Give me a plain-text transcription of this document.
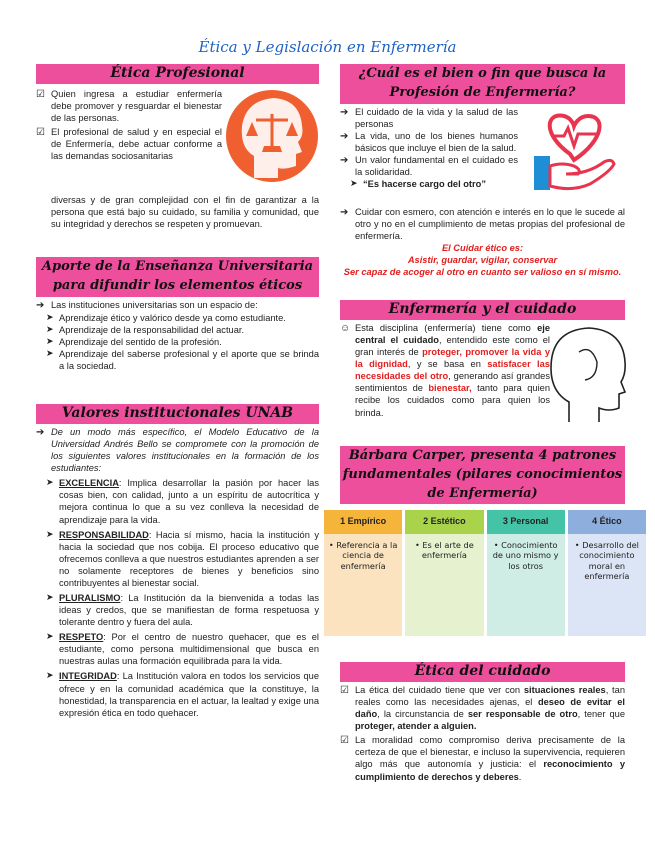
Ética y Legislación en Enfermería
Ética Profesional
☑ Quien ingresa a estudiar enfermería debe promover y resguardar el bienestar de las personas.
☑ El profesional de salud y en especial el de Enfermería, debe actuar conforme a las demandas sociosanitarias
diversas y de gran complejidad con el fin de garantizar a la persona que está bajo su cuidado, su familia y comunidad, que su integridad y derechos se respeten y promuevan.
Aporte de la Enseñanza Universitaria
para difundir los elementos éticos
➔ Las instituciones universitarias son un espacio de:
➤ Aprendizaje ético y valórico desde ya como estudiante.
➤ Aprendizaje de la responsabilidad del actuar.
➤ Aprendizaje del sentido de la profesión.
➤ Aprendizaje del saberse profesional y el aporte que se brinda a la sociedad.
Valores institucionales UNAB
➔ De un modo más específico, el Modelo Educativo de la Universidad Andrés Bello se compromete con la promoción de los siguientes valores institucionales en la formación de los estudiantes:
➤ EXCELENCIA: Implica desarrollar la pasión por hacer las cosas bien, con calidad, junto a un espíritu de autocrítica y mejora continua lo que a su vez conlleva la necesidad de aprendizaje para la vida.
➤ RESPONSABILIDAD: Hacia sí mismo, hacia la institución y hacia la sociedad que nos cobija. El proceso educativo que ofrecemos conlleva a que nuestros estudiantes aprenden a ser no solamente receptores de bienes y beneficios sino contribuyentes al bienestar social.
➤ PLURALISMO: La Institución da la bienvenida a todas las ideas y credos, que se manifiestan de forma respetuosa y tolerante dentro y fuera del aula.
➤ RESPETO: Por el centro de nuestro quehacer, que es el estudiante, como persona multidimensional que busca en nuestras aulas una formación equilibrada para la vida.
➤ INTEGRIDAD: La Institución valora en todos los servicios que ofrece y en la comunidad académica que la constituye, la honestidad, la transparencia en el actuar, la lealtad y exige una expresión ética en todo quehacer.
¿Cuál es el bien o fin que busca la
Profesión de Enfermería?
➔ El cuidado de la vida y la salud de las personas
➔ La vida, uno de los bienes humanos básicos que incluye el bien de la salud.
➔ Un valor fundamental en el cuidado es la solidaridad.
➤ “Es hacerse cargo del otro”
➔ Cuidar con esmero, con atención e interés en lo que le sucede al otro y no en el cumplimiento de metas propias del profesional de enfermería.
El Cuidar ético es:
Asistir, guardar, vigilar, conservar
Ser capaz de acoger al otro en cuanto ser valioso en sí mismo.
Enfermería y el cuidado
☺ Esta disciplina (enfermería) tiene como eje central el cuidado, entendido este como el gran interés de proteger, promover la vida y la dignidad, y se basa en satisfacer las necesidades del otro, generando así grandes sentimientos de bienestar, tanto para quien recibe los cuidados como para quien los brinda.
Bárbara Carper, presenta 4 patrones
fundamentales (pilares conocimientos
de Enfermería)
1 Empírico
• Referencia a la ciencia de enfermería
2 Estético
• Es el arte de enfermería
3 Personal
• Conocimiento de uno mismo y los otros
4 Ético
• Desarrollo del conocimiento moral en enfermería
Ética del cuidado
☑ La ética del cuidado tiene que ver con situaciones reales, tan reales como las necesidades ajenas, el deseo de evitar el daño, la circunstancia de ser responsable de otro, tener que proteger, atender a alguien.
☑ La moralidad como compromiso deriva precisamente de la certeza de que el bienestar, e incluso la supervivencia, requieren algo más que autonomía y justicia: el reconocimiento y cumplimiento de derechos y deberes.
